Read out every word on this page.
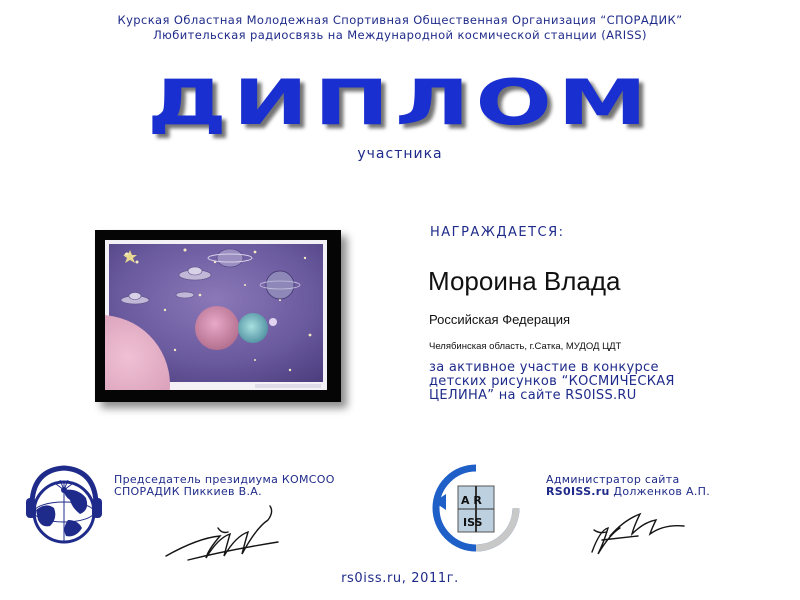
Курская Областная Молодежная Спортивная Общественная Организация “СПОРАДИК”
Любительская радиосвязь на Международной космической станции (ARISS)
ДИПЛОМ
участника
НАГРАЖДАЕТСЯ:
Мороина Влада
Российская Федерация
Челябинская область, г.Сатка, МУДОД ЦДТ
за активное участие в конкурсе
детских рисунков “КОСМИЧЕСКАЯ
ЦЕЛИНА” на сайте RS0ISS.RU
Председатель президиума КОМСОО
СПОРАДИК Пиккиев В.А.
A R
ISS
Администратор сайта
RS0ISS.ru Долженков А.П.
rs0iss.ru, 2011г.
